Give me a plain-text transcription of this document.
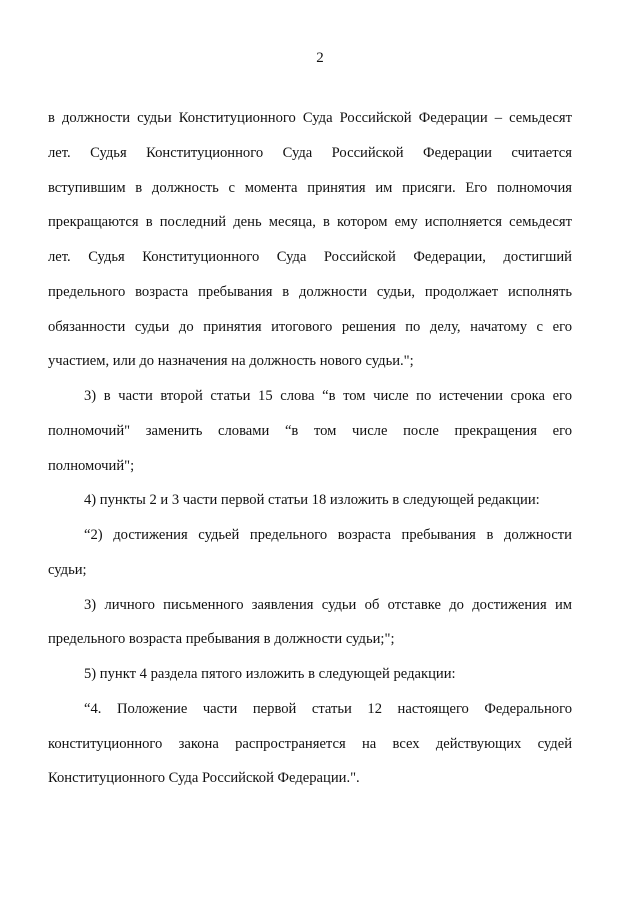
2
в должности судьи Конституционного Суда Российской Федерации – семьдесят
лет. Судья Конституционного Суда Российской Федерации считается
вступившим в должность с момента принятия им присяги. Его полномочия
прекращаются в последний день месяца, в котором ему исполняется семьдесят
лет. Судья Конституционного Суда Российской Федерации, достигший
предельного возраста пребывания в должности судьи, продолжает исполнять
обязанности судьи до принятия итогового решения по делу, начатому с его
участием, или до назначения на должность нового судьи.";
3) в части второй статьи 15 слова “в том числе по истечении срока его
полномочий" заменить словами “в том числе после прекращения его
полномочий";
4) пункты 2 и 3 части первой статьи 18 изложить в следующей редакции:
“2) достижения судьей предельного возраста пребывания в должности
судьи;
3) личного письменного заявления судьи об отставке до достижения им
предельного возраста пребывания в должности судьи;";
5) пункт 4 раздела пятого изложить в следующей редакции:
“4. Положение части первой статьи 12 настоящего Федерального
конституционного закона распространяется на всех действующих судей
Конституционного Суда Российской Федерации.".
